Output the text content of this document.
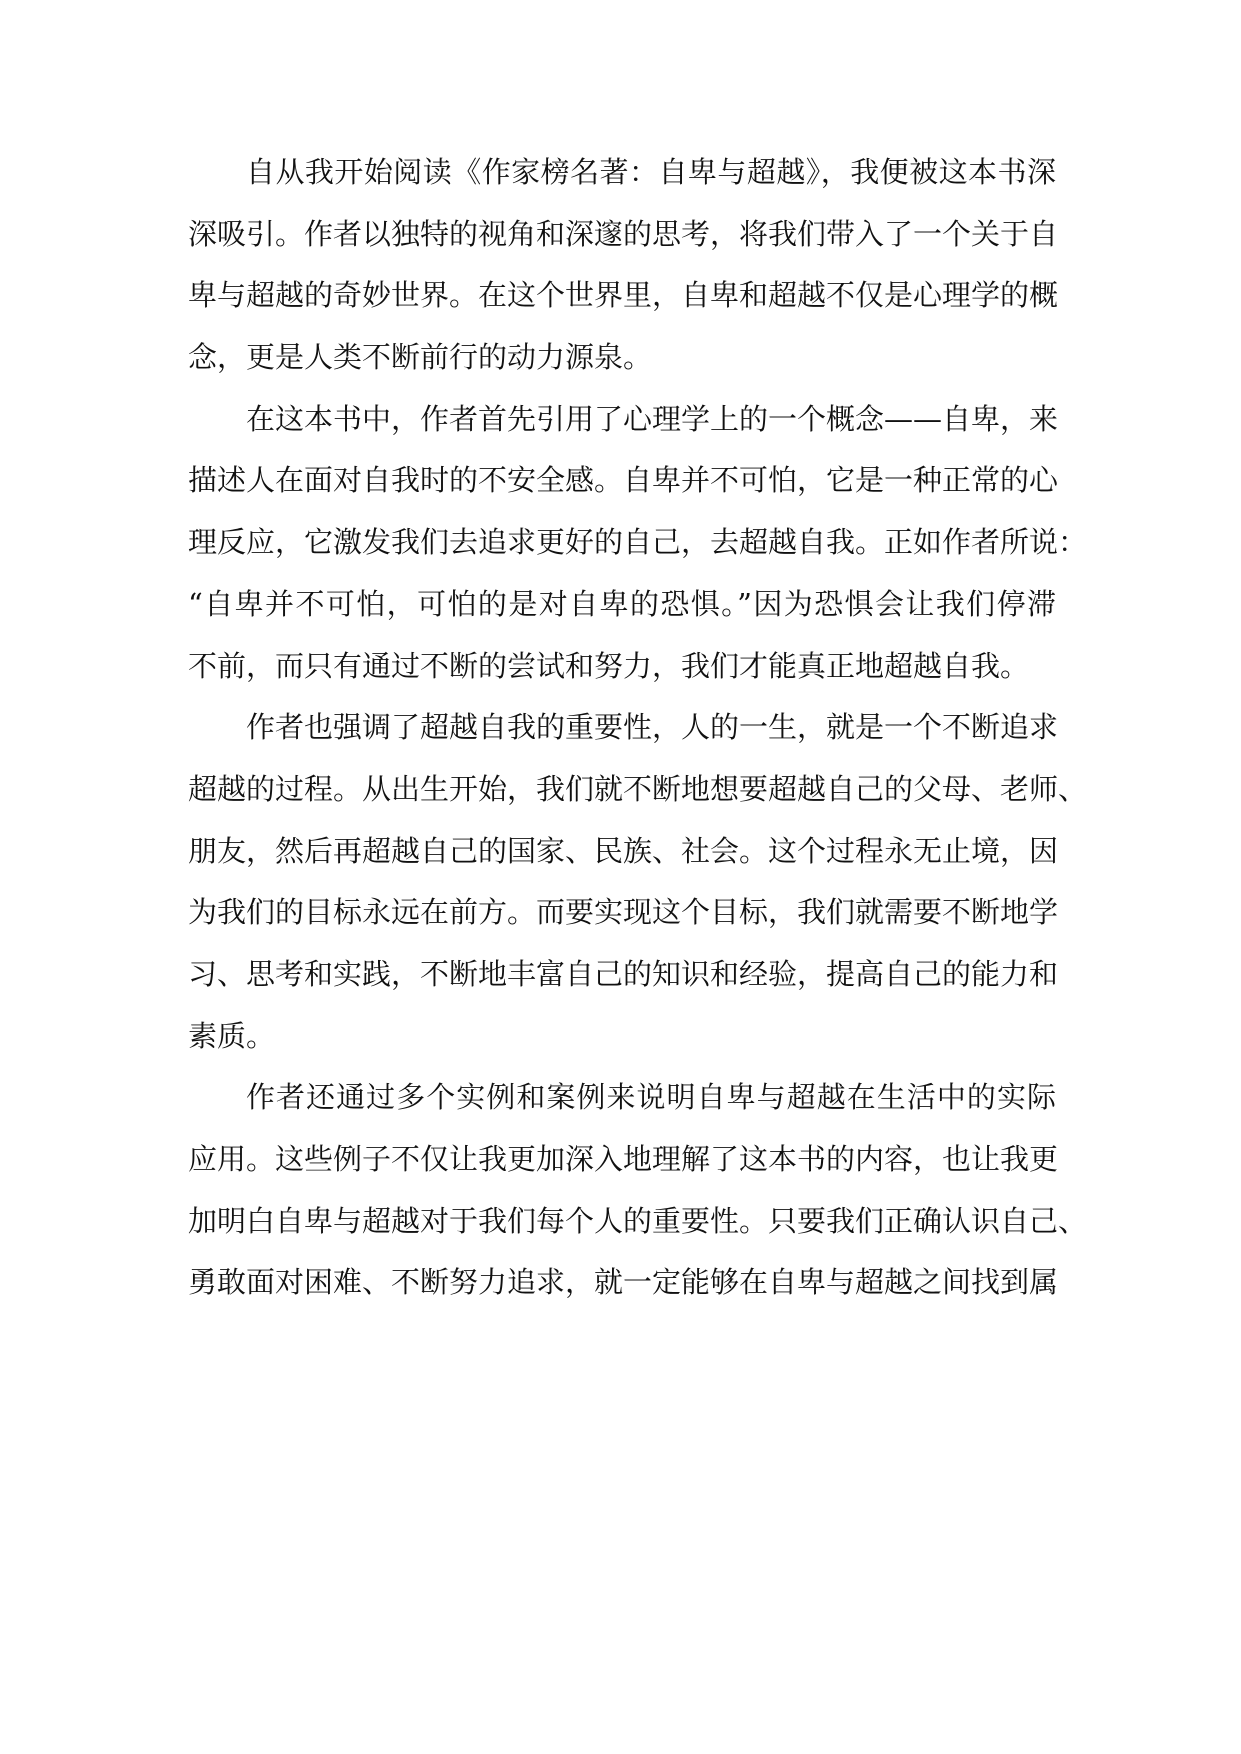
自从我开始阅读《作家榜名著：自卑与超越》，我便被这本书深
深吸引。作者以独特的视角和深邃的思考，将我们带入了一个关于自
卑与超越的奇妙世界。在这个世界里，自卑和超越不仅是心理学的概
念，更是人类不断前行的动力源泉。
在这本书中，作者首先引用了心理学上的一个概念——自卑，来
描述人在面对自我时的不安全感。自卑并不可怕，它是一种正常的心
理反应，它激发我们去追求更好的自己，去超越自我。正如作者所说：
“自卑并不可怕，可怕的是对自卑的恐惧。”因为恐惧会让我们停滞
不前，而只有通过不断的尝试和努力，我们才能真正地超越自我。
作者也强调了超越自我的重要性，人的一生，就是一个不断追求
超越的过程。从出生开始，我们就不断地想要超越自己的父母、老师、
朋友，然后再超越自己的国家、民族、社会。这个过程永无止境，因
为我们的目标永远在前方。而要实现这个目标，我们就需要不断地学
习、思考和实践，不断地丰富自己的知识和经验，提高自己的能力和
素质。
作者还通过多个实例和案例来说明自卑与超越在生活中的实际
应用。这些例子不仅让我更加深入地理解了这本书的内容，也让我更
加明白自卑与超越对于我们每个人的重要性。只要我们正确认识自己、
勇敢面对困难、不断努力追求，就一定能够在自卑与超越之间找到属
